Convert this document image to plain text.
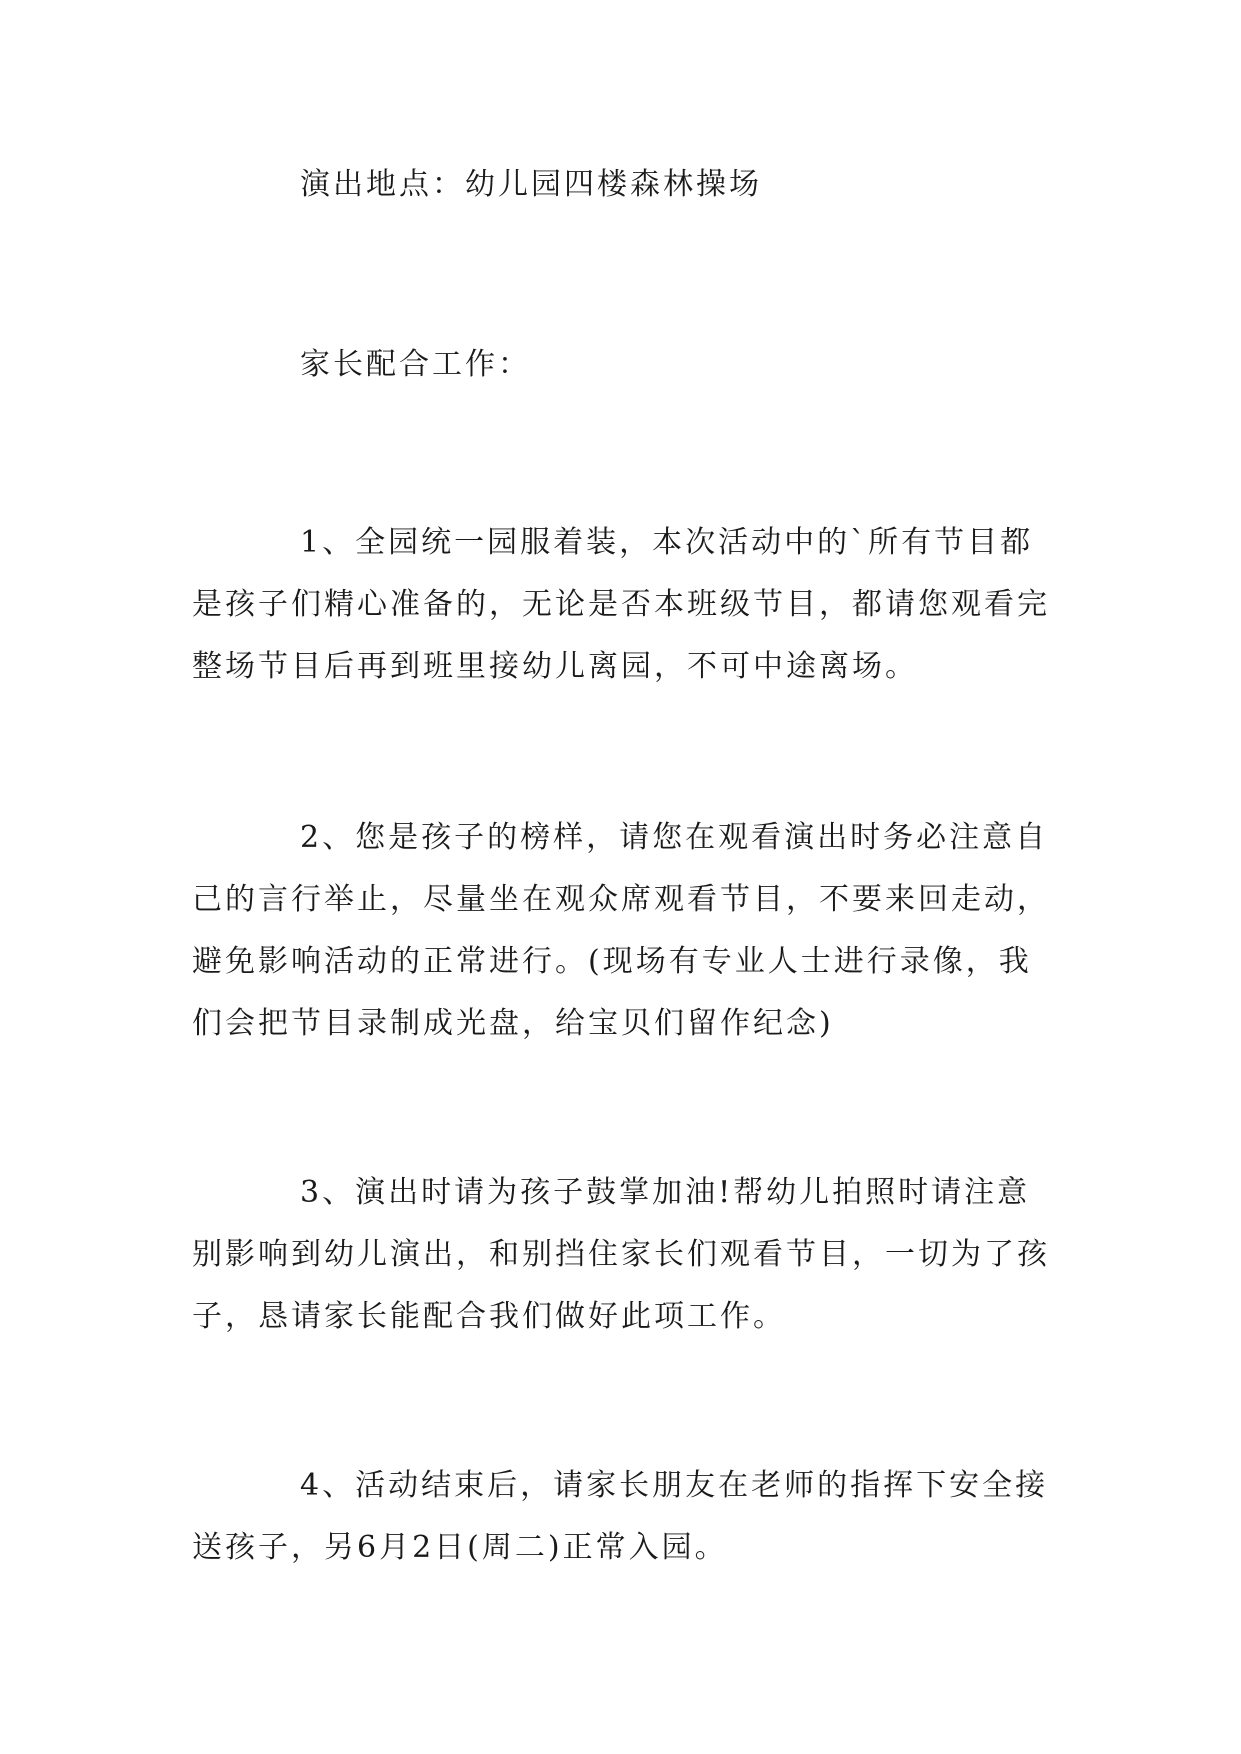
演出地点：幼儿园四楼森林操场

家长配合工作：

1、全园统一园服着装，本次活动中的`所有节目都是孩子们精心准备的，无论是否本班级节目，都请您观看完整场节目后再到班里接幼儿离园，不可中途离场。

2、您是孩子的榜样，请您在观看演出时务必注意自己的言行举止，尽量坐在观众席观看节目，不要来回走动，避免影响活动的正常进行。(现场有专业人士进行录像，我们会把节目录制成光盘，给宝贝们留作纪念)

3、演出时请为孩子鼓掌加油!帮幼儿拍照时请注意别影响到幼儿演出，和别挡住家长们观看节目，一切为了孩子，恳请家长能配合我们做好此项工作。

4、活动结束后，请家长朋友在老师的指挥下安全接送孩子，另6月2日(周二)正常入园。
